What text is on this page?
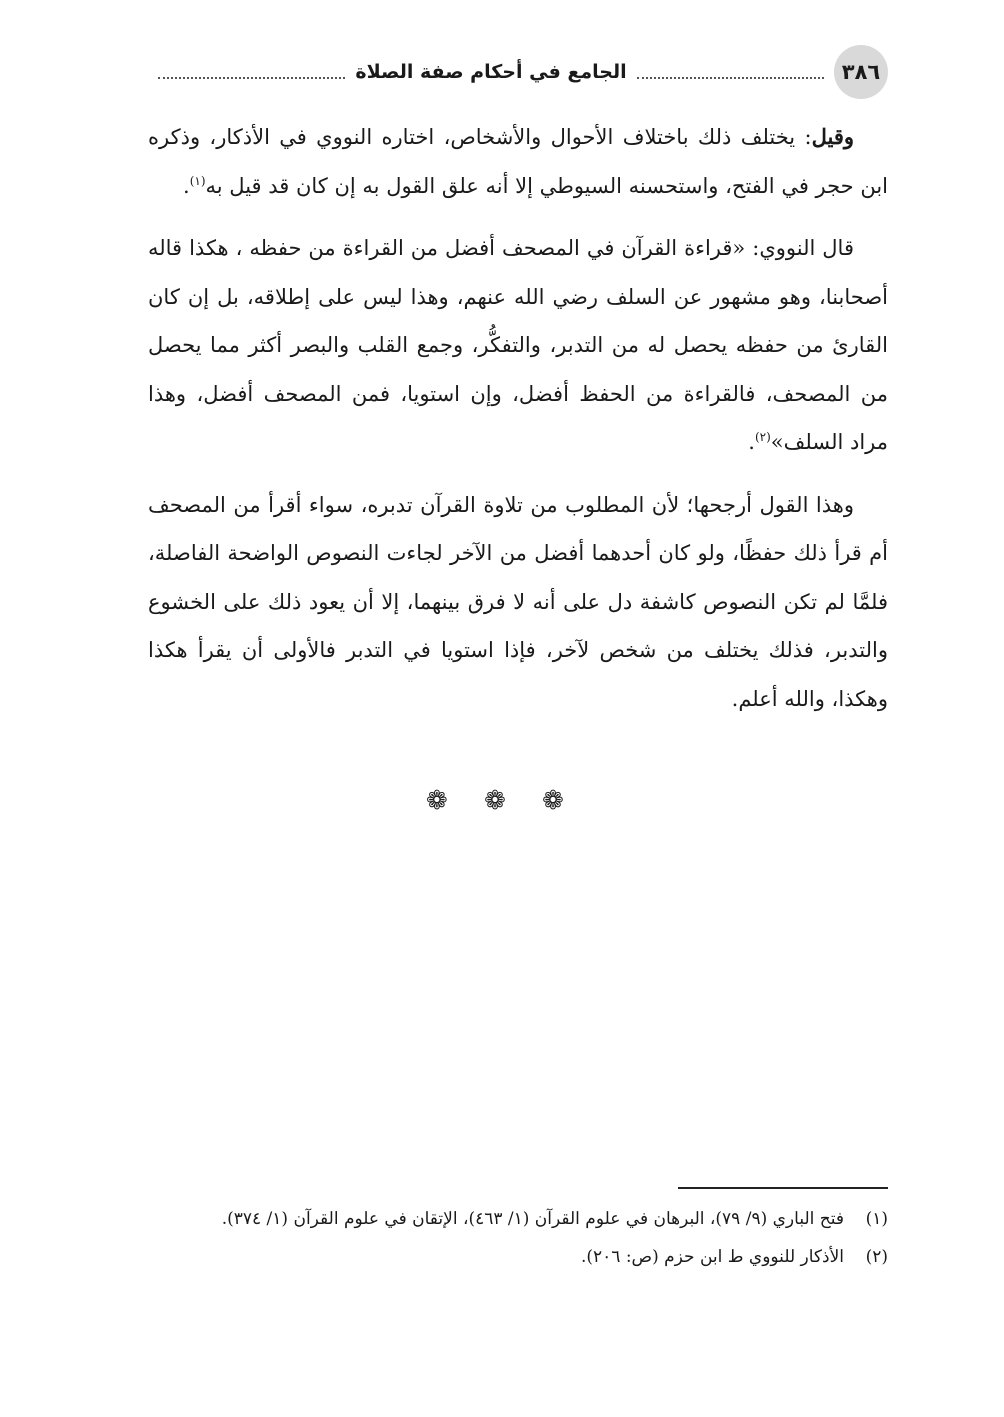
٣٨٦
الجامع في أحكام صفة الصلاة

وقيل: يختلف ذلك باختلاف الأحوال والأشخاص، اختاره النووي في الأذكار، وذكره ابن حجر في الفتح، واستحسنه السيوطي إلا أنه علق القول به إن كان قد قيل به$^{(١)}$.

قال النووي: «قراءة القرآن في المصحف أفضل من القراءة من حفظه ، هكذا قاله أصحابنا، وهو مشهور عن السلف رضي الله عنهم، وهذا ليس على إطلاقه، بل إن كان القارئ من حفظه يحصل له من التدبر، والتفكُّر، وجمع القلب والبصر أكثر مما يحصل من المصحف، فالقراءة من الحفظ أفضل، وإن استويا، فمن المصحف أفضل، وهذا مراد السلف»$^{(٢)}$.

وهذا القول أرجحها؛ لأن المطلوب من تلاوة القرآن تدبره، سواء أقرأ من المصحف أم قرأ ذلك حفظًا، ولو كان أحدهما أفضل من الآخر لجاءت النصوص الواضحة الفاصلة، فلمَّا لم تكن النصوص كاشفة دل على أنه لا فرق بينهما، إلا أن يعود ذلك على الخشوع والتدبر، فذلك يختلف من شخص لآخر، فإذا استويا في التدبر فالأولى أن يقرأ هكذا وهكذا، والله أعلم.

❁ ❁ ❁
(١)
فتح الباري (٩/ ٧٩)، البرهان في علوم القرآن (١/ ٤٦٣)، الإتقان في علوم القرآن (١/ ٣٧٤).
(٢)
الأذكار للنووي ط ابن حزم (ص: ٢٠٦).
